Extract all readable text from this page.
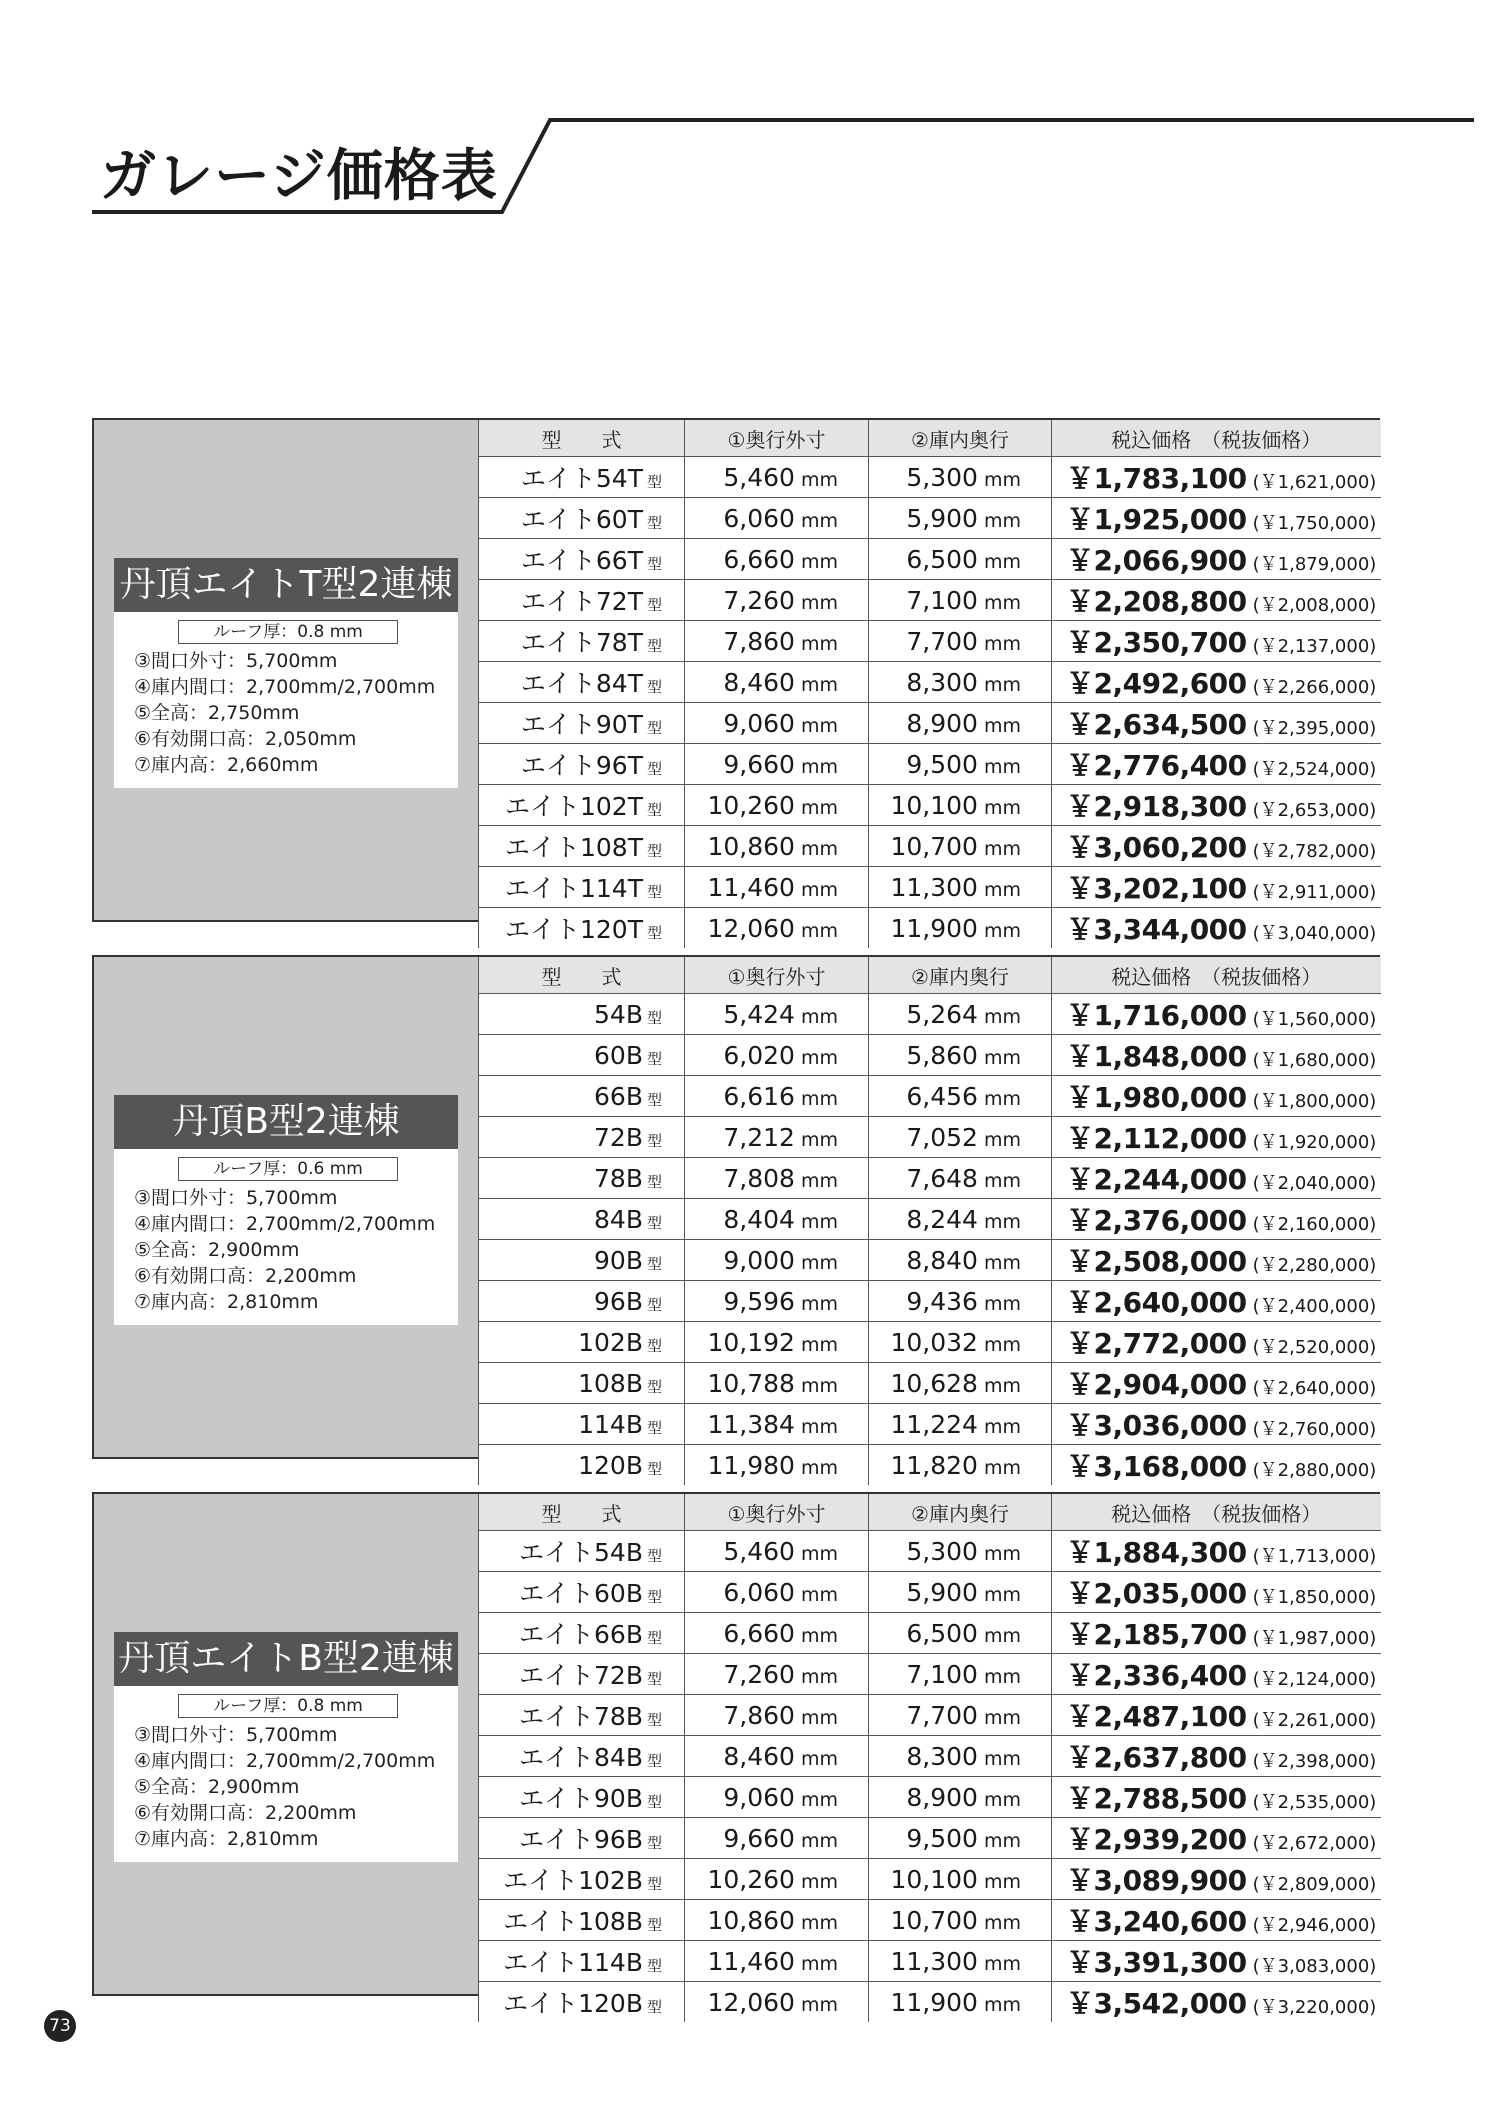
ガレージ価格表
丹頂エイトT型2連棟
ルーフ厚：0.8 mm
③間口外寸：5,700mm
④庫内間口：2,700mm/2,700mm
⑤全高：2,750mm
⑥有効開口高：2,050mm
⑦庫内高：2,660mm
型　　式	①奥行外寸	②庫内奥行	税込価格　（税抜価格）
エイト54T 型	5,460 mm	5,300 mm	￥1,783,100 (￥1,621,000)
エイト60T 型	6,060 mm	5,900 mm	￥1,925,000 (￥1,750,000)
エイト66T 型	6,660 mm	6,500 mm	￥2,066,900 (￥1,879,000)
エイト72T 型	7,260 mm	7,100 mm	￥2,208,800 (￥2,008,000)
エイト78T 型	7,860 mm	7,700 mm	￥2,350,700 (￥2,137,000)
エイト84T 型	8,460 mm	8,300 mm	￥2,492,600 (￥2,266,000)
エイト90T 型	9,060 mm	8,900 mm	￥2,634,500 (￥2,395,000)
エイト96T 型	9,660 mm	9,500 mm	￥2,776,400 (￥2,524,000)
エイト102T 型	10,260 mm	10,100 mm	￥2,918,300 (￥2,653,000)
エイト108T 型	10,860 mm	10,700 mm	￥3,060,200 (￥2,782,000)
エイト114T 型	11,460 mm	11,300 mm	￥3,202,100 (￥2,911,000)
エイト120T 型	12,060 mm	11,900 mm	￥3,344,000 (￥3,040,000)
丹頂B型2連棟
ルーフ厚：0.6 mm
③間口外寸：5,700mm
④庫内間口：2,700mm/2,700mm
⑤全高：2,900mm
⑥有効開口高：2,200mm
⑦庫内高：2,810mm
型　　式	①奥行外寸	②庫内奥行	税込価格　（税抜価格）
54B 型	5,424 mm	5,264 mm	￥1,716,000 (￥1,560,000)
60B 型	6,020 mm	5,860 mm	￥1,848,000 (￥1,680,000)
66B 型	6,616 mm	6,456 mm	￥1,980,000 (￥1,800,000)
72B 型	7,212 mm	7,052 mm	￥2,112,000 (￥1,920,000)
78B 型	7,808 mm	7,648 mm	￥2,244,000 (￥2,040,000)
84B 型	8,404 mm	8,244 mm	￥2,376,000 (￥2,160,000)
90B 型	9,000 mm	8,840 mm	￥2,508,000 (￥2,280,000)
96B 型	9,596 mm	9,436 mm	￥2,640,000 (￥2,400,000)
102B 型	10,192 mm	10,032 mm	￥2,772,000 (￥2,520,000)
108B 型	10,788 mm	10,628 mm	￥2,904,000 (￥2,640,000)
114B 型	11,384 mm	11,224 mm	￥3,036,000 (￥2,760,000)
120B 型	11,980 mm	11,820 mm	￥3,168,000 (￥2,880,000)
丹頂エイトB型2連棟
ルーフ厚：0.8 mm
③間口外寸：5,700mm
④庫内間口：2,700mm/2,700mm
⑤全高：2,900mm
⑥有効開口高：2,200mm
⑦庫内高：2,810mm
型　　式	①奥行外寸	②庫内奥行	税込価格　（税抜価格）
エイト54B 型	5,460 mm	5,300 mm	￥1,884,300 (￥1,713,000)
エイト60B 型	6,060 mm	5,900 mm	￥2,035,000 (￥1,850,000)
エイト66B 型	6,660 mm	6,500 mm	￥2,185,700 (￥1,987,000)
エイト72B 型	7,260 mm	7,100 mm	￥2,336,400 (￥2,124,000)
エイト78B 型	7,860 mm	7,700 mm	￥2,487,100 (￥2,261,000)
エイト84B 型	8,460 mm	8,300 mm	￥2,637,800 (￥2,398,000)
エイト90B 型	9,060 mm	8,900 mm	￥2,788,500 (￥2,535,000)
エイト96B 型	9,660 mm	9,500 mm	￥2,939,200 (￥2,672,000)
エイト102B 型	10,260 mm	10,100 mm	￥3,089,900 (￥2,809,000)
エイト108B 型	10,860 mm	10,700 mm	￥3,240,600 (￥2,946,000)
エイト114B 型	11,460 mm	11,300 mm	￥3,391,300 (￥3,083,000)
エイト120B 型	12,060 mm	11,900 mm	￥3,542,000 (￥3,220,000)
73
